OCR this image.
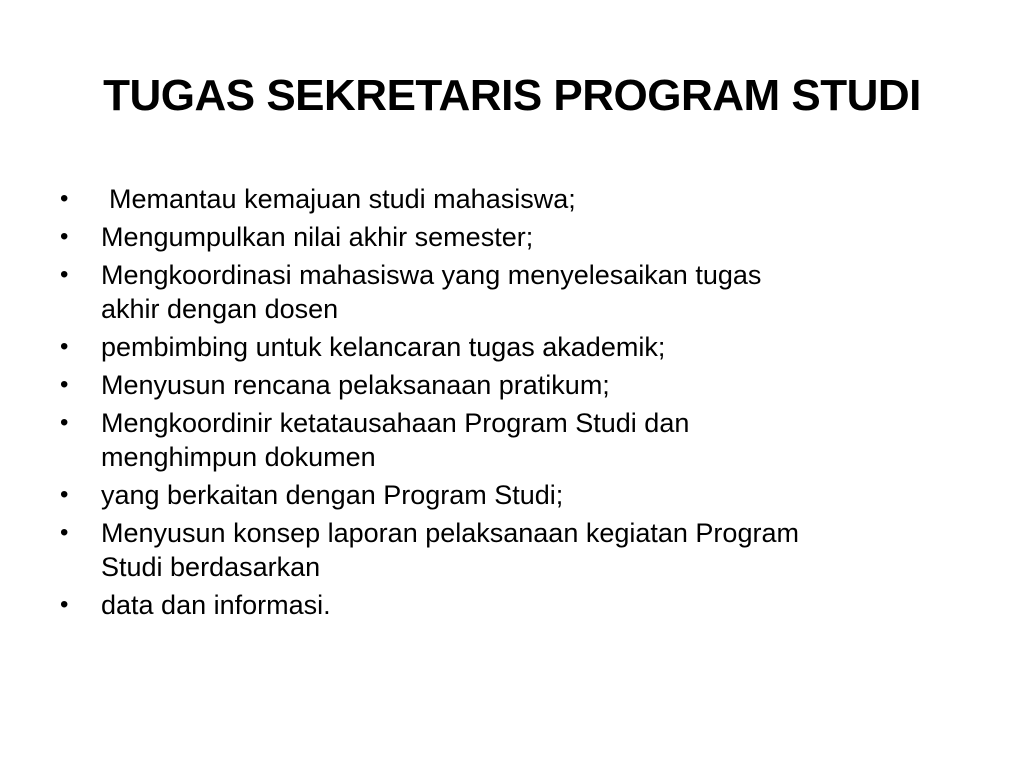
TUGAS SEKRETARIS PROGRAM STUDI
•	Memantau kemajuan studi mahasiswa;
•	Mengumpulkan nilai akhir semester;
•	Mengkoordinasi mahasiswa yang menyelesaikan tugas
akhir dengan dosen
•	pembimbing untuk kelancaran tugas akademik;
•	Menyusun rencana pelaksanaan pratikum;
•	Mengkoordinir ketatausahaan Program Studi dan
menghimpun dokumen
•	yang berkaitan dengan Program Studi;
•	Menyusun konsep laporan pelaksanaan kegiatan Program
Studi berdasarkan
•	data dan informasi.
